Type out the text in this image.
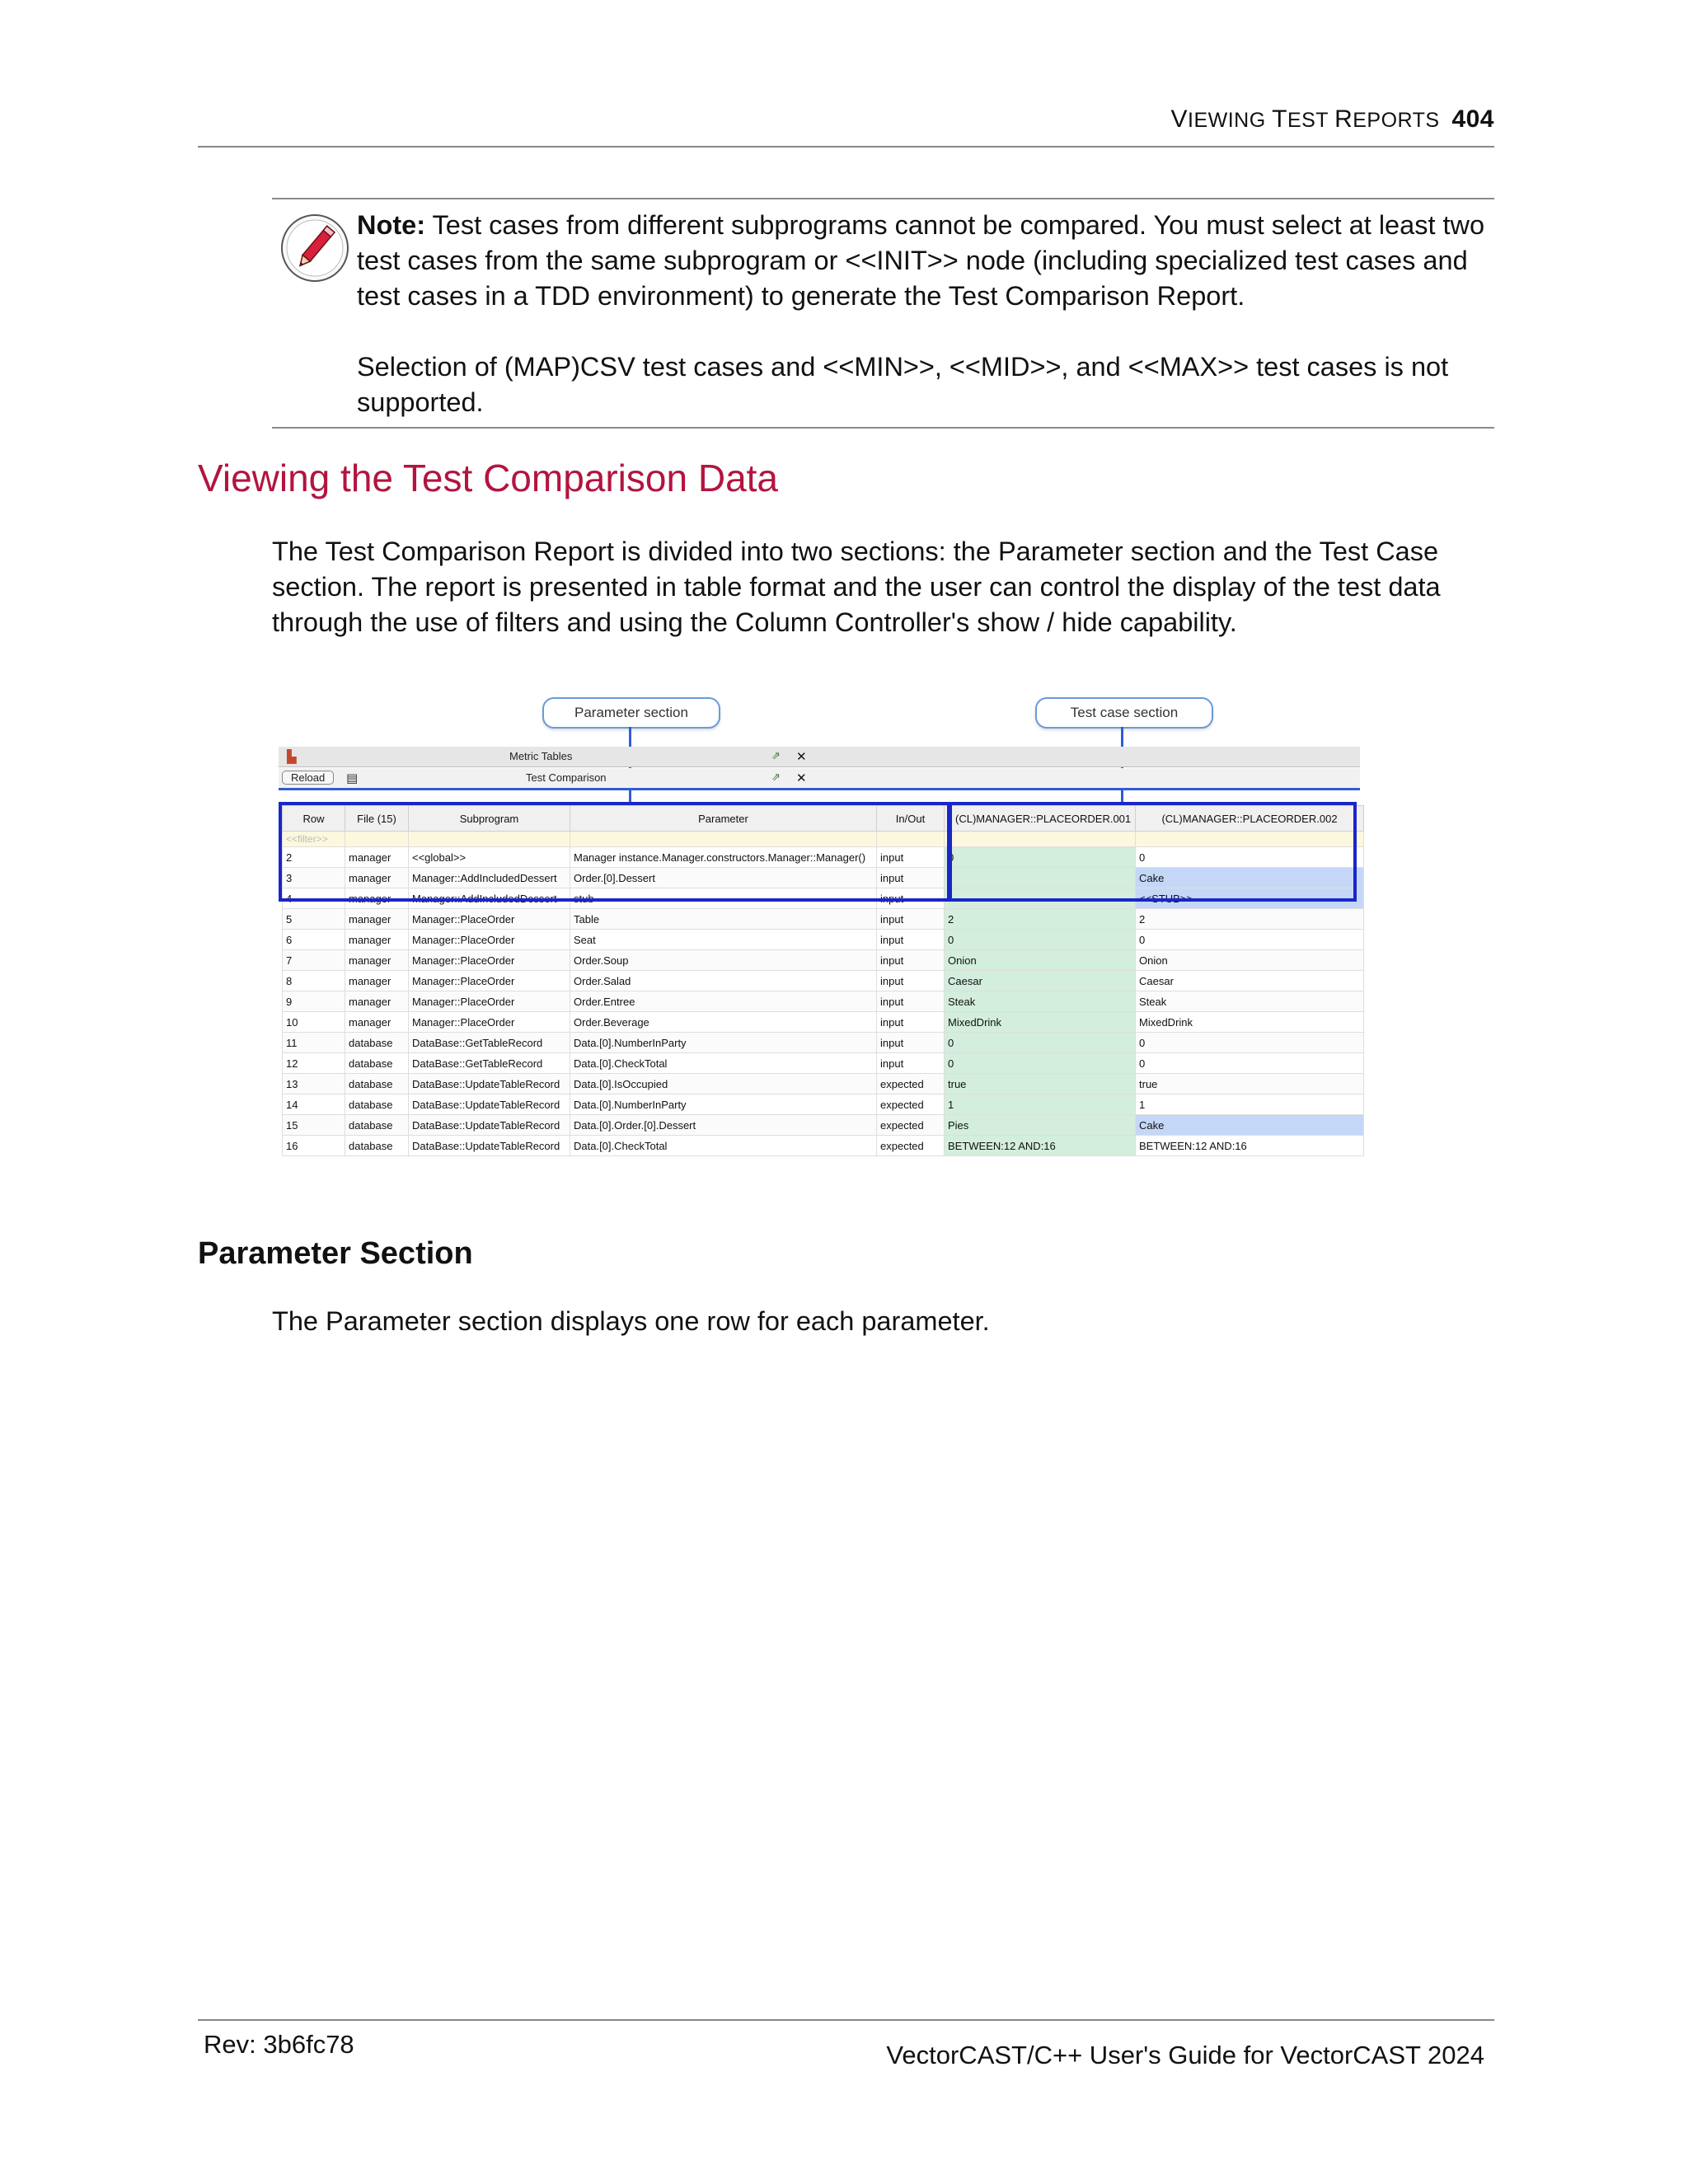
VIEWING TEST REPORTS 404

Note: Test cases from different subprograms cannot be compared. You must select at least two test cases from the same subprogram or <<INIT>> node (including specialized test cases and test cases in a TDD environment) to generate the Test Comparison Report.

Selection of (MAP)CSV test cases and <<MIN>>, <<MID>>, and <<MAX>> test cases is not supported.

Viewing the Test Comparison Data

The Test Comparison Report is divided into two sections: the Parameter section and the Test Case section. The report is presented in table format and the user can control the display of the test data through the use of filters and using the Column Controller's show / hide capability.

Parameter section	Test case section
▙	Metric Tables	⇗ ✕
Reload	▤	Test Comparison	⇗ ✕
Row	File (15)	Subprogram	Parameter	In/Out	• (CL)MANAGER::PLACEORDER.001	(CL)MANAGER::PLACEORDER.002
<<filter>>						
2	manager	<<global>>	Manager instance.Manager.constructors.Manager::Manager()	input	0	0
3	manager	Manager::AddIncludedDessert	Order.[0].Dessert	input		Cake
4	manager	Manager::AddIncludedDessert	stub	input		<<STUB>>
5	manager	Manager::PlaceOrder	Table	input	2	2
6	manager	Manager::PlaceOrder	Seat	input	0	0
7	manager	Manager::PlaceOrder	Order.Soup	input	Onion	Onion
8	manager	Manager::PlaceOrder	Order.Salad	input	Caesar	Caesar
9	manager	Manager::PlaceOrder	Order.Entree	input	Steak	Steak
10	manager	Manager::PlaceOrder	Order.Beverage	input	MixedDrink	MixedDrink
11	database	DataBase::GetTableRecord	Data.[0].NumberInParty	input	0	0
12	database	DataBase::GetTableRecord	Data.[0].CheckTotal	input	0	0
13	database	DataBase::UpdateTableRecord	Data.[0].IsOccupied	expected	true	true
14	database	DataBase::UpdateTableRecord	Data.[0].NumberInParty	expected	1	1
15	database	DataBase::UpdateTableRecord	Data.[0].Order.[0].Dessert	expected	Pies	Cake
16	database	DataBase::UpdateTableRecord	Data.[0].CheckTotal	expected	BETWEEN:12 AND:16	BETWEEN:12 AND:16
Parameter Section

The Parameter section displays one row for each parameter.

Rev: 3b6fc78	VectorCAST/C++ User's Guide for VectorCAST 2024
